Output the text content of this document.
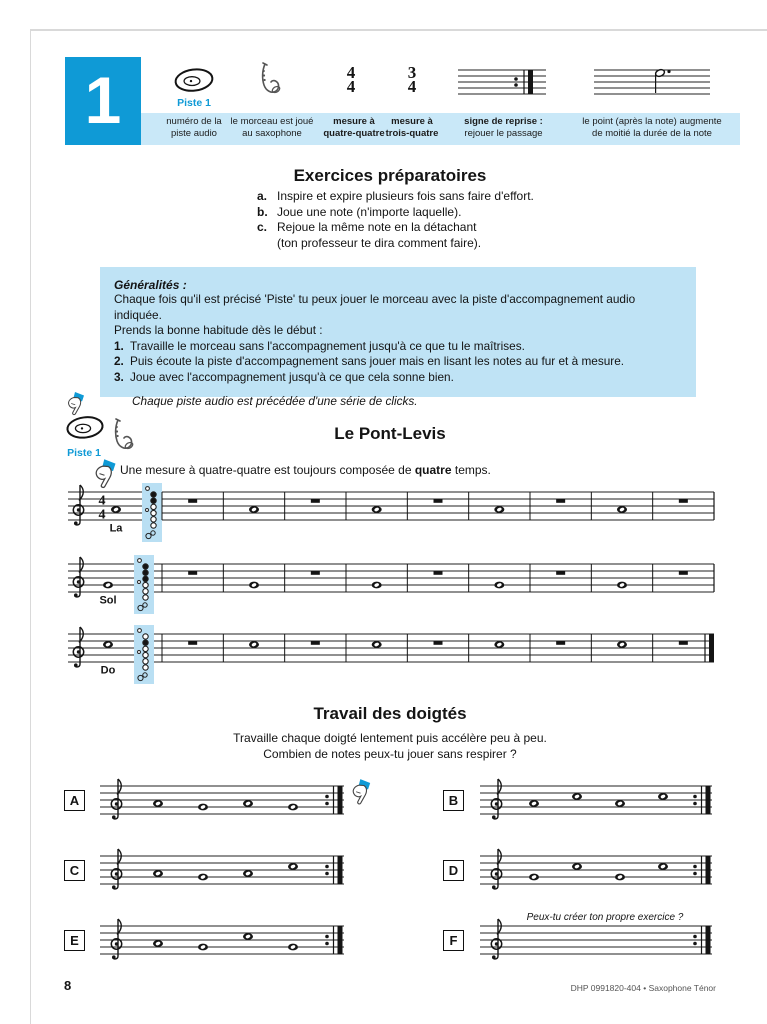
1
Exercices préparatoires
Généralités :
Chaque fois qu'il est précisé 'Piste' tu peux jouer le morceau avec la piste d'accompagnement audio indiquée.
Prends la bonne habitude dès le début :
1. Travaille le morceau sans l'accompagnement jusqu'à ce que tu le maîtrises.
2. Puis écoute la piste d'accompagnement sans jouer mais en lisant les notes au fur et à mesure.
3. Joue avec l'accompagnement jusqu'à ce que cela sonne bien.
Chaque piste audio est précédée d'une série de clicks.
Piste 1
Le Pont-Levis
Une mesure à quatre-quatre est toujours composée de quatre temps.
Travail des doigtés
Travaille chaque doigté lentement puis accélère peu à peu.
Combien de notes peux-tu jouer sans respirer ?
Peux-tu créer ton propre exercice ?
8	DHP 0991820-404 • Saxophone Ténor
Piste 1
4
4
3
4
numéro de la
piste audio
le morceau est joué
au saxophone
mesure à
quatre-quatre
mesure à
trois-quatre
signe de reprise :
rejouer le passage
le point (après la note) augmente
de moitié la durée de la note
a. Inspire et expire plusieurs fois sans faire d'effort.
b. Joue une note (n'importe laquelle).
c. Rejoue la même note en la détachant
(ton professeur te dira comment faire).
4
4
La
Sol
Do
A	B
C	D
E	F
